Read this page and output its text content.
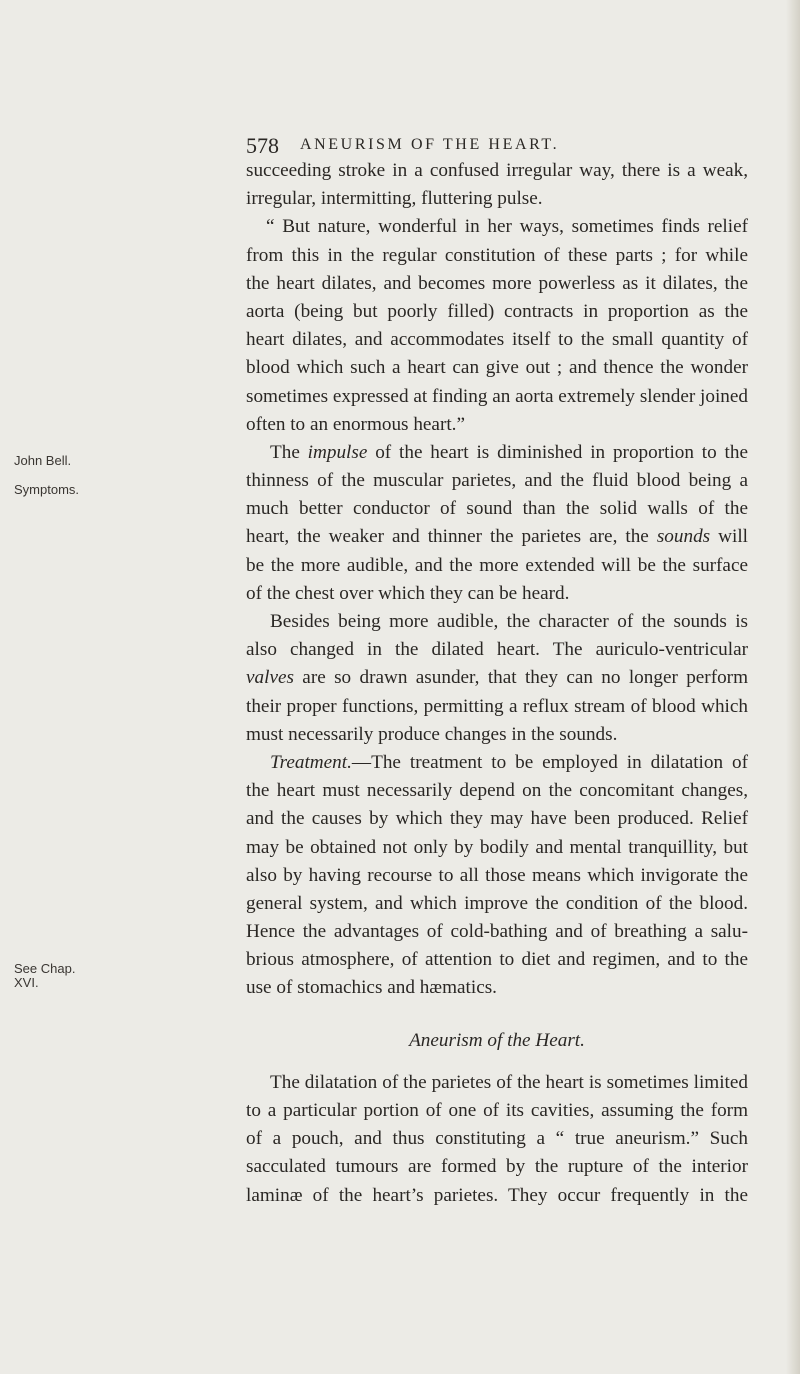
578 ANEURISM OF THE HEART.
John Bell.
Symptoms.
See Chap.
XVI.
succeeding stroke in a confused irregular way, there is a weak,
irregular, intermitting, fluttering pulse.
“ But nature, wonderful in her ways, sometimes finds relief
from this in the regular constitution of these parts ; for while
the heart dilates, and becomes more powerless as it dilates, the
aorta (being but poorly filled) contracts in proportion as the
heart dilates, and accommodates itself to the small quantity of
blood which such a heart can give out ; and thence the wonder
sometimes expressed at finding an aorta extremely slender joined
often to an enormous heart.”
The impulse of the heart is diminished in proportion to the
thinness of the muscular parietes, and the fluid blood being a
much better conductor of sound than the solid walls of the
heart, the weaker and thinner the parietes are, the sounds will
be the more audible, and the more extended will be the surface
of the chest over which they can be heard.
Besides being more audible, the character of the sounds is
also changed in the dilated heart. The auriculo-ventricular
valves are so drawn asunder, that they can no longer perform
their proper functions, permitting a reflux stream of blood which
must necessarily produce changes in the sounds.
Treatment.—The treatment to be employed in dilatation of
the heart must necessarily depend on the concomitant changes,
and the causes by which they may have been produced. Relief
may be obtained not only by bodily and mental tranquillity, but
also by having recourse to all those means which invigorate the
general system, and which improve the condition of the blood.
Hence the advantages of cold-bathing and of breathing a salu-
brious atmosphere, of attention to diet and regimen, and to the
use of stomachics and hæmatics.
Aneurism of the Heart.
The dilatation of the parietes of the heart is sometimes limited
to a particular portion of one of its cavities, assuming the form
of a pouch, and thus constituting a “ true aneurism.” Such
sacculated tumours are formed by the rupture of the interior
laminæ of the heart’s parietes. They occur frequently in the
